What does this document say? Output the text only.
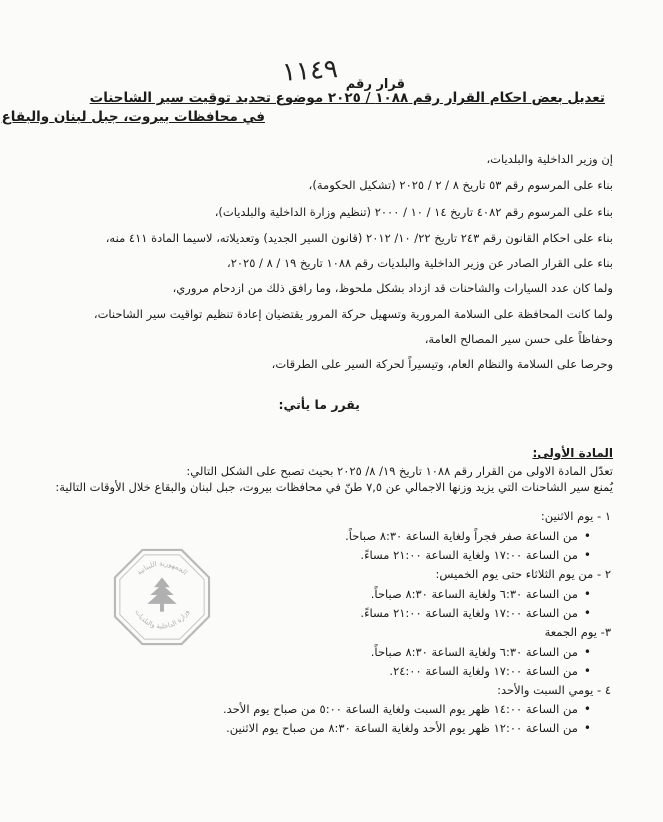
قرار رقم
١١٤٩
تعديل بعض احكام القرار رقم ١٠٨٨ / ٢٠٢٥ موضوع تحديد توقيت سير الشاحنات
في محافظات بيروت، جبل لبنان والبقاع
إن وزير الداخلية والبلديات،
بناء على المرسوم رقم ٥٣ تاريخ ٨ / ٢ / ٢٠٢٥ (تشكيل الحكومة)،
بناء على المرسوم رقم ٤٠٨٢ تاريخ ١٤ / ١٠ / ٢٠٠٠ (تنظيم وزارة الداخلية والبلديات)،
بناء على احكام القانون رقم ٢٤٣ تاريخ ٢٢/ ١٠/ ٢٠١٢ (قانون السير الجديد) وتعديلاته، لاسيما المادة ٤١١ منه،
بناء على القرار الصادر عن وزير الداخلية والبلديات رقم ١٠٨٨ تاريخ ١٩ / ٨ / ٢٠٢٥،
ولما كان عدد السيارات والشاحنات قد ازداد بشكل ملحوظ، وما رافق ذلك من ازدحام مروري،
ولما كانت المحافظة على السلامة المرورية وتسهيل حركة المرور يقتضيان إعادة تنظيم تواقيت سير الشاحنات،
وحفاظاً على حسن سير المصالح العامة،
وحرصا على السلامة والنظام العام، وتيسيراً لحركة السير على الطرقات،
يقرر ما يأتي:
المادة الأولى:
تعدّل المادة الاولى من القرار رقم ١٠٨٨ تاريخ ١٩/ ٨/ ٢٠٢٥ بحيث تصبح على الشكل التالي:
يُمنع سير الشاحنات التي يزيد وزنها الاجمالي عن ٧,٥ طنّ في محافظات بيروت، جبل لبنان والبقاع خلال الأوقات التالية:
١ - يوم الاثنين:
• من الساعة صفر فجراً ولغاية الساعة ٨:٣٠ صباحاً.
• من الساعة ١٧:٠٠ ولغاية الساعة ٢١:٠٠ مساءً.
٢ - من يوم الثلاثاء حتى يوم الخميس:
• من الساعة ٦:٣٠ ولغاية الساعة ٨:٣٠ صباحاً.
• من الساعة ١٧:٠٠ ولغاية الساعة ٢١:٠٠ مساءً.
٣- يوم الجمعة
• من الساعة ٦:٣٠ ولغاية الساعة ٨:٣٠ صباحاً.
• من الساعة ١٧:٠٠ ولغاية الساعة ٢٤:٠٠.
٤ - يومي السبت والأحد:
• من الساعة ١٤:٠٠ ظهر يوم السبت ولغاية الساعة ٥:٠٠ من صباح يوم الأحد.
• من الساعة ١٢:٠٠ ظهر يوم الأحد ولغاية الساعة ٨:٣٠ من صباح يوم الاثنين.
الجمهورية اللبنانية
وزارة الداخلية والبلديات
